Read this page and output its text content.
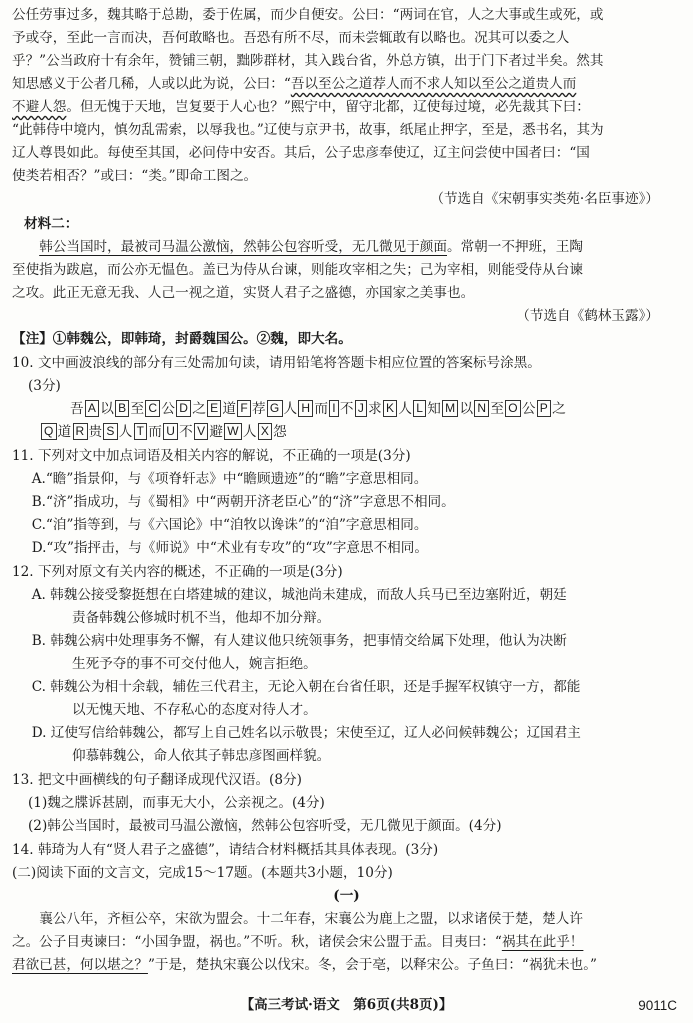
公任劳事过多，魏其略于总勘，委于佐属，而少自便安。公曰：“两词在官，人之大事或生或死，或

予或夺，至此一言而决，吾何敢略也。吾恐有所不尽，而未尝辄敢有以略也。况其可以委之人

乎？”公当政府十有余年，赞铺三朝，黜陟群材，其入践台省，外总方镇，出于门下者过半矣。然其

知思感义于公者几稀，人或以此为说，公曰：“吾以至公之道荐人而不求人知以至公之道贵人而

不避人怨。但无愧于天地，岂复要于人心也？”熙宁中，留守北都，辽使每过境，必先裁其下曰：

“此韩侍中境内，慎勿乱需索，以辱我也。”辽使与京尹书，故事，纸尾止押字，至是，悉书名，其为

辽人尊畏如此。每使至其国，必问侍中安否。其后，公子忠彦奉使辽，辽主问尝使中国者曰：“国

使类若相否？”或曰：“类。”即命工图之。

（节选自《宋朝事实类苑·名臣事迹》）

材料二：

韩公当国时，最被司马温公激恼，然韩公包容听受，无几微见于颜面。常朝一不押班，王陶

至使指为跋扈，而公亦无愠色。盖已为侍从台谏，则能攻宰相之失；己为宰相，则能受侍从台谏

之攻。此正无意无我、人己一视之道，实贤人君子之盛德，亦国家之美事也。

（节选自《鹤林玉露》）

【注】①韩魏公，即韩琦，封爵魏国公。②魏，即大名。

10. 文中画波浪线的部分有三处需加句读，请用铅笔将答题卡相应位置的答案标号涂黑。

(3分)

吾 A 以 B 至 C 公 D 之 E 道 F 荐 G 人 H 而 I 不 J 求 K 人 L 知 M 以 N 至 O 公 P 之

Q 道 R 贵 S 人 T 而 U 不 V 避 W 人 X 怨

11. 下列对文中加点词语及相关内容的解说，不正确的一项是(3分)

A.“瞻”指景仰，与《项脊轩志》中“瞻顾遗迹”的“瞻”字意思相同。

B.“济”指成功，与《蜀相》中“两朝开济老臣心”的“济”字意思不相同。

C.“洎”指等到，与《六国论》中“洎牧以谗诛”的“洎”字意思相同。

D.“攻”指抨击，与《师说》中“术业有专攻”的“攻”字意思不相同。

12. 下列对原文有关内容的概述，不正确的一项是(3分)

A. 韩魏公接受黎挺想在白塔建城的建议，城池尚未建成，而敌人兵马已至边塞附近，朝廷

责备韩魏公修城时机不当，他却不加分辩。

B. 韩魏公病中处理事务不懈，有人建议他只统领事务，把事情交给属下处理，他认为决断

生死予夺的事不可交付他人，婉言拒绝。

C. 韩魏公为相十余载，辅佐三代君主，无论入朝在台省任职，还是手握军权镇守一方，都能

以无愧天地、不存私心的态度对待人才。

D. 辽使写信给韩魏公，都写上自己姓名以示敬畏；宋使至辽，辽人必问候韩魏公；辽国君主

仰慕韩魏公，命人依其子韩忠彦图画样貌。

13. 把文中画横线的句子翻译成现代汉语。(8分)

(1)魏之牒诉甚剧，而事无大小，公亲视之。(4分)

(2)韩公当国时，最被司马温公激恼，然韩公包容听受，无几微见于颜面。(4分)

14. 韩琦为人有“贤人君子之盛德”，请结合材料概括其具体表现。(3分)

(二)阅读下面的文言文，完成15～17题。(本题共3小题，10分)

(一)

襄公八年，齐桓公卒，宋欲为盟会。十二年春，宋襄公为鹿上之盟，以求诸侯于楚，楚人许

之。公子目夷谏曰：“小国争盟，祸也。”不听。秋，诸侯会宋公盟于盂。目夷曰：“祸其在此乎！

君欲已甚，何以堪之？”于是，楚执宋襄公以伐宋。冬，会于亳，以释宋公。子鱼曰：“祸犹未也。”

【高三考试·语文　第6页(共8页)】	9011C
